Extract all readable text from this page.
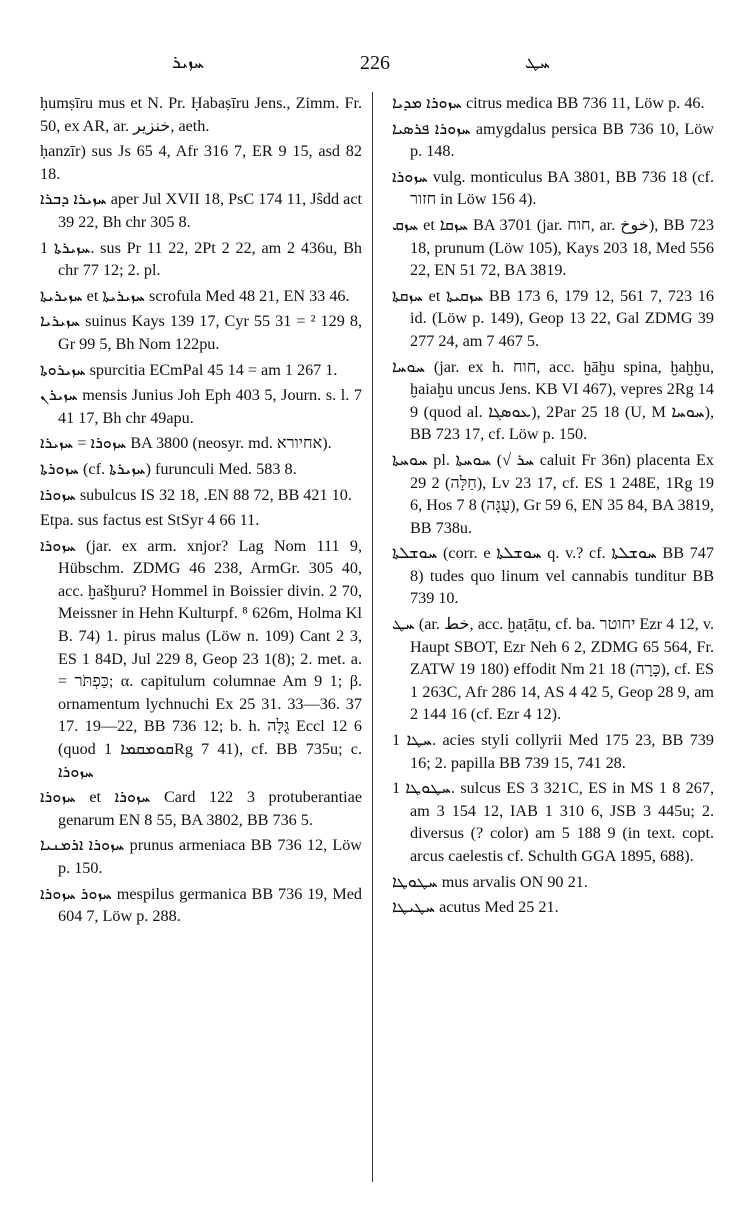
ܚܙܝܪ	226	ܚܛ

ḥumṣīru mus et N. Pr. Ḥabaṣīru Jens., Zimm. Fr. 50, ex AR, ar. ﺧﻨﺰﻳﺮ, aeth.

ḥanzīr) sus Js 65 4, Afr 316 7, ER 9 15, asd 82 18.

ܚܙܝܪܐ ܕܒܪܐ aper Jul XVII 18, PsC 174 11, Jŝdd act 39 22, Bh chr 305 8.

ܚܙܝܪܬܐ 1. sus Pr 11 22, 2Pt 2 22, am 2 436u, Bh chr 77 12; 2. pl.

ܚܙܝܪܝܬܐ et ܚܙܝܪܝܬܐ scrofula Med 48 21, EN 33 46.

ܚܙܝܪܝܐ suinus Kays 139 17, Cyr 55 31 = ² 129 8, Gr 99 5, Bh Nom 122pu.

ܚܙܝܪܘܬܐ spurcitia ECmPal 45 14 = am 1 267 1.

ܚܙܝܪܢ mensis Junius Joh Eph 403 5, Journ. s. l. 7 41 17, Bh chr 49apu.

ܚܙܘܪܐ = ܚܙܝܪܐ BA 3800 (neosyr. md. אחיורא).

ܚܙܘܪܬܐ (cf. ܚܙܝܪܬܐ) furunculi Med. 583 8.

ܚܙܘܪܐ subulcus IS 32 18, .EN 88 72, BB 421 10.

Etpa. sus factus est StSyr 4 66 11.

ܚܙܘܪܐ (jar. ex arm. xnjor? Lag Nom 111 9, Hübschm. ZDMG 46 238, ArmGr. 305 40, acc. ḫašḫuru? Hommel in Boissier divin. 2 70, Meissner in Hehn Kulturpf. ⁸ 626m, Holma Kl B. 74) 1. pirus malus (Löw n. 109) Cant 2 3, ES 1 84D, Jul 229 8, Geop 23 1(8); 2. met. a. = כַּפְתֹּר; α. capitulum columnae Am 9 1; β. ornamentum lychnuchi Ex 25 31. 33—36. 37 17. 19—22, BB 736 12; b. h. גֻּלָּה Eccl 12 6 (quod ܩܘܡܩܡܐ 1Rg 7 41), cf. BB 735u; c. ܚܙܘܪܐ

ܚܙܘܪܐ et ܚܙܘܪܐ Card 122 3 protuberantiae genarum EN 8 55, BA 3802, BB 736 5.

ܚܙܘܪܐ ܐܪܡܢܝܐ prunus armeniaca BB 736 12, Löw p. 150.

ܚܙܘܪ ܚܙܘܪܐ mespilus germanica BB 736 19, Med 604 7, Löw p. 288.

ܚܙܘܪܐ ܡܕܝܐ citrus medica BB 736 11, Löw p. 46.

ܚܙܘܪܐ ܦܪܣܝܐ amygdalus persica BB 736 10, Löw p. 148.

ܚܙܘܪܐ vulg. monticulus BA 3801, BB 736 18 (cf. חזור in Löw 156 4).

ܚܙܩ et ܚܙܩܐ BA 3701 (jar. חוח, ar. ﺧﻮﺥ), BB 723 18, prunum (Löw 105), Kays 203 18, Med 556 22, EN 51 72, BA 3819.

ܚܙܩܬܐ et ܚܙܩܝܬܐ BB 173 6, 179 12, 561 7, 723 16 id. (Löw p. 149), Geop 13 22, Gal ZDMG 39 277 24, am 7 467 5.

ܚܘܚܐ (jar. ex h. חוח, acc. ḫāḫu spina, ḫaḫḫu, ḫaiaḫu uncus Jens. KB VI 467), vepres 2Rg 14 9 (quod al. ܥܘܣܓܐ), 2Par 25 18 (U, M ܚܘܚܐ), BB 723 17, cf. Löw p. 150.

ܚܘܚܬܐ pl. ܚܘܚܬܐ (√ ܚܪ caluit Fr 36n) placenta Ex 29 2 (חַלָּה), Lv 23 17, cf. ES 1 248E, 1Rg 19 6, Hos 7 8 (עֻגָּה), Gr 59 6, EN 35 84, BA 3819, BB 738u.

ܚܘܫܠܬܐ (corr. e ܚܘܫܠܬܐ q. v.? cf. ܚܘܫܠܬܐ BB 747 8) tudes quo linum vel cannabis tunditur BB 739 10.

ܚܛ (ar. ﺧﻂ, acc. ḫaṭāṭu, cf. ba. יחוטר Ezr 4 12, v. Haupt SBOT, Ezr Neh 6 2, ZDMG 65 564, Fr. ZATW 19 180) effodit Nm 21 18 (כָּרָה), cf. ES 1 263C, Afr 286 14, AS 4 42 5, Geop 28 9, am 2 144 16 (cf. Ezr 4 12).

ܚܛܐ 1. acies styli collyrii Med 175 23, BB 739 16; 2. papilla BB 739 15, 741 28.

ܚܛܘܛܐ 1. sulcus ES 3 321C, ES in MS 1 8 267, am 3 154 12, IAB 1 310 6, JSB 3 445u; 2. diversus (? color) am 5 188 9 (in text. copt. arcus caelestis cf. Schulth GGA 1895, 688).

ܚܛܘܛܐ mus arvalis ON 90 21.

ܚܛܝܛܐ acutus Med 25 21.
